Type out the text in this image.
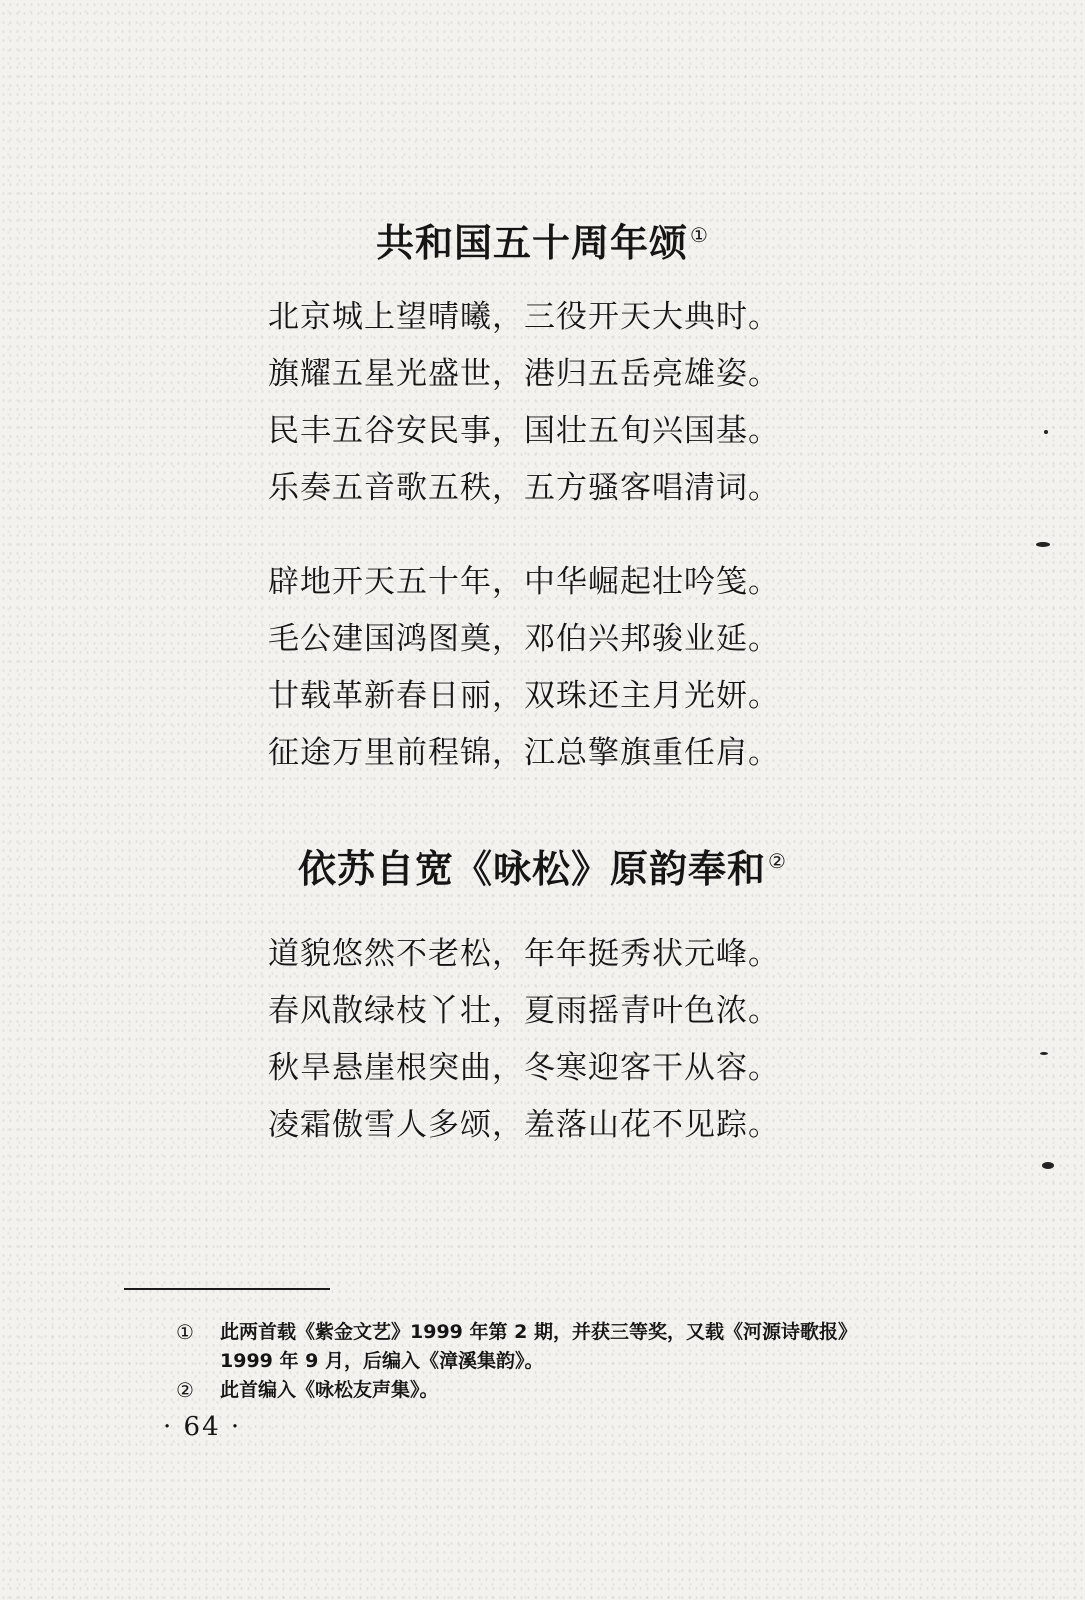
共和国五十周年颂 ①
北京城上望晴曦，三役开天大典时。
旗耀五星光盛世，港归五岳亮雄姿。
民丰五谷安民事，国壮五旬兴国基。
乐奏五音歌五秩，五方骚客唱清词。
辟地开天五十年，中华崛起壮吟笺。
毛公建国鸿图奠，邓伯兴邦骏业延。
廿载革新春日丽，双珠还主月光妍。
征途万里前程锦，江总擎旗重任肩。
依苏自宽《咏松》原韵奉和 ②
道貌悠然不老松，年年挺秀状元峰。
春风散绿枝丫壮，夏雨摇青叶色浓。
秋旱悬崖根突曲，冬寒迎客干从容。
凌霜傲雪人多颂，羞落山花不见踪。
① 此两首载《紫金文艺》1999 年第 2 期，并获三等奖，又载《河源诗歌报》
1999 年 9 月，后编入《漳溪集韵》。
② 此首编入《咏松友声集》。
· 64 ·
